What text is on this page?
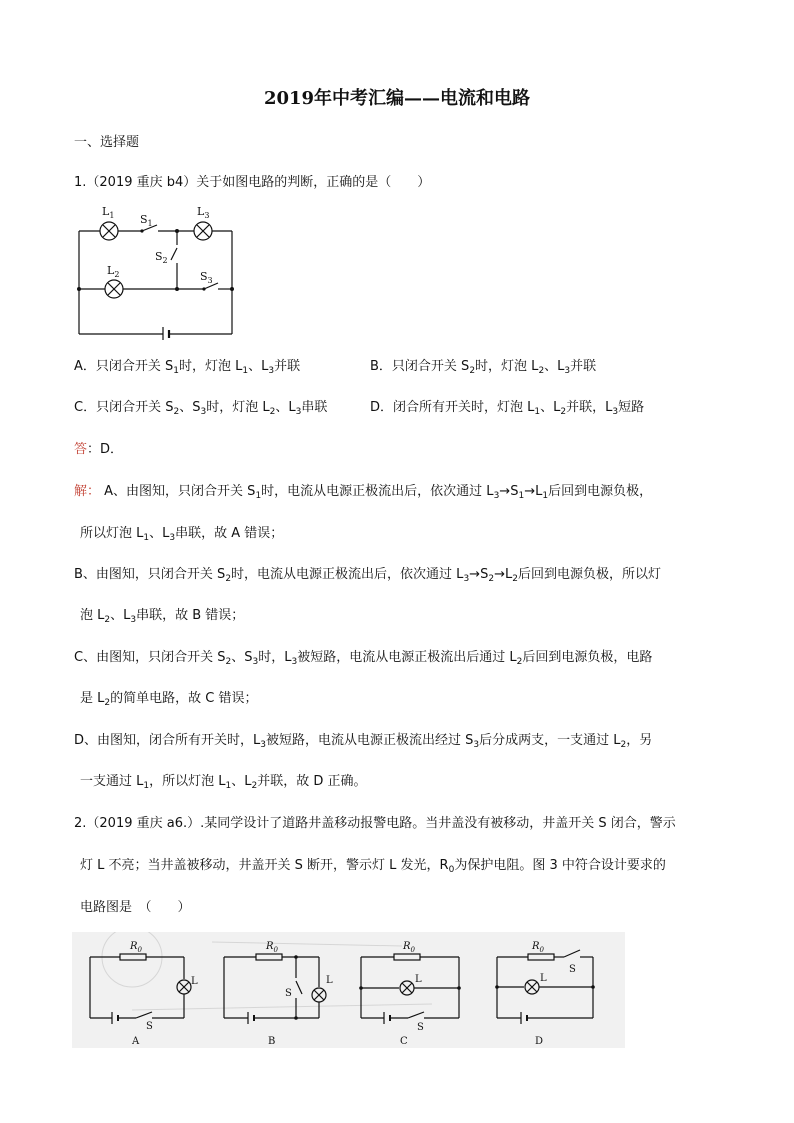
2019年中考汇编——电流和电路
一、选择题
1.（2019 重庆 b4）关于如图电路的判断，正确的是（　　）
$L_1$ $S_1$
$L_3$
$S_2$
$L_2$	$S_3$
A．只闭合开关 $S_1$时，灯泡 $L_1$、$L_3$并联	B．只闭合开关 $S_2$时，灯泡 $L_2$、$L_3$并联
C．只闭合开关 $S_2$、$S_3$时，灯泡 $L_2$、$L_3$串联	D．闭合所有开关时，灯泡 $L_1$、$L_2$并联，$L_3$短路
答：D．
解： A、由图知，只闭合开关 $S_1$时，电流从电源正极流出后，依次通过 $L_3\to S_1\to L_1$后回到电源负极，
所以灯泡 $L_1$、$L_3$串联，故 A 错误；
B、由图知，只闭合开关 $S_2$时，电流从电源正极流出后，依次通过 $L_3\to S_2\to L_2$后回到电源负极，所以灯
泡 $L_2$、$L_3$串联，故 B 错误；
C、由图知，只闭合开关 $S_2$、$S_3$时，$L_3$被短路，电流从电源正极流出后通过 $L_2$后回到电源负极，电路
是 $L_2$的简单电路，故 C 错误；
D、由图知，闭合所有开关时，$L_3$被短路，电流从电源正极流出经过 $S_3$后分成两支，一支通过 $L_2$，另
一支通过 $L_1$，所以灯泡 $L_1$、$L_2$并联，故 D 正确。
2.（2019 重庆 a6.）.某同学设计了道路井盖移动报警电路。当井盖没有被移动，井盖开关 S 闭合，警示
灯 L 不亮；当井盖被移动，井盖开关 S 断开，警示灯 L 发光，$R_0$为保护电阻。图 3 中符合设计要求的
电路图是　（　　）
$R_0$
L
S
A
$R_0$
L
S
B
$R_0$
L
S
C
$R_0$
L
S
D
